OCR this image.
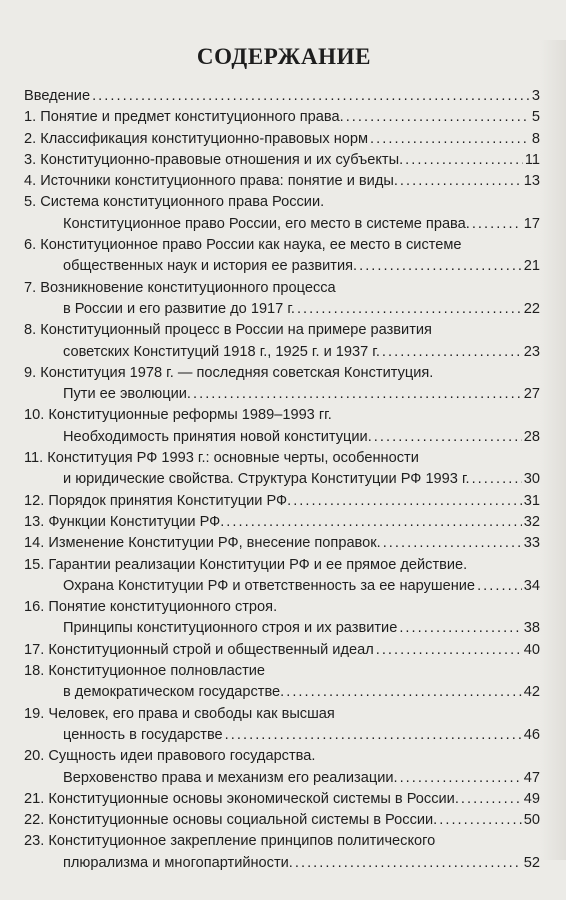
СОДЕРЖАНИЕ
Введение . . .	3
1. Понятие и предмет конституционного права. . . .	5
2. Классификация конституционно-правовых норм . . .	8
3. Конституционно-правовые отношения и их субъекты. . . .	11
4. Источники конституционного права: понятие и виды. . . .	13
5. Система конституционного права России.
Конституционное право России, его место в системе права. . . .	17
6. Конституционное право России как наука, ее место в системе
общественных наук и история ее развития. . . .	21
7. Возникновение конституционного процесса
в России и его развитие до 1917 г. . . .	22
8. Конституционный процесс в России на примере развития
советских Конституций 1918 г., 1925 г. и 1937 г. . . .	23
9. Конституция 1978 г. — последняя советская Конституция.
Пути ее эволюции. . . .	27
10. Конституционные реформы 1989–1993 гг.
Необходимость принятия новой конституции. . . .	28
11. Конституция РФ 1993 г.: основные черты, особенности
и юридические свойства. Структура Конституции РФ 1993 г. . . .	30
12. Порядок принятия Конституции РФ. . . .	31
13. Функции Конституции РФ. . . .	32
14. Изменение Конституции РФ, внесение поправок. . . .	33
15. Гарантии реализации Конституции РФ и ее прямое действие.
Охрана Конституции РФ и ответственность за ее нарушение . . .	34
16. Понятие конституционного строя.
Принципы конституционного строя и их развитие . . .	38
17. Конституционный строй и общественный идеал . . .	40
18. Конституционное полновластие
в демократическом государстве. . . .	42
19. Человек, его права и свободы как высшая
ценность в государстве . . .	46
20. Сущность идеи правового государства.
Верховенство права и механизм его реализации. . . .	47
21. Конституционные основы экономической системы в России. . . .	49
22. Конституционные основы социальной системы в России. . . .	50
23. Конституционное закрепление принципов политического
плюрализма и многопартийности. . . .	52
